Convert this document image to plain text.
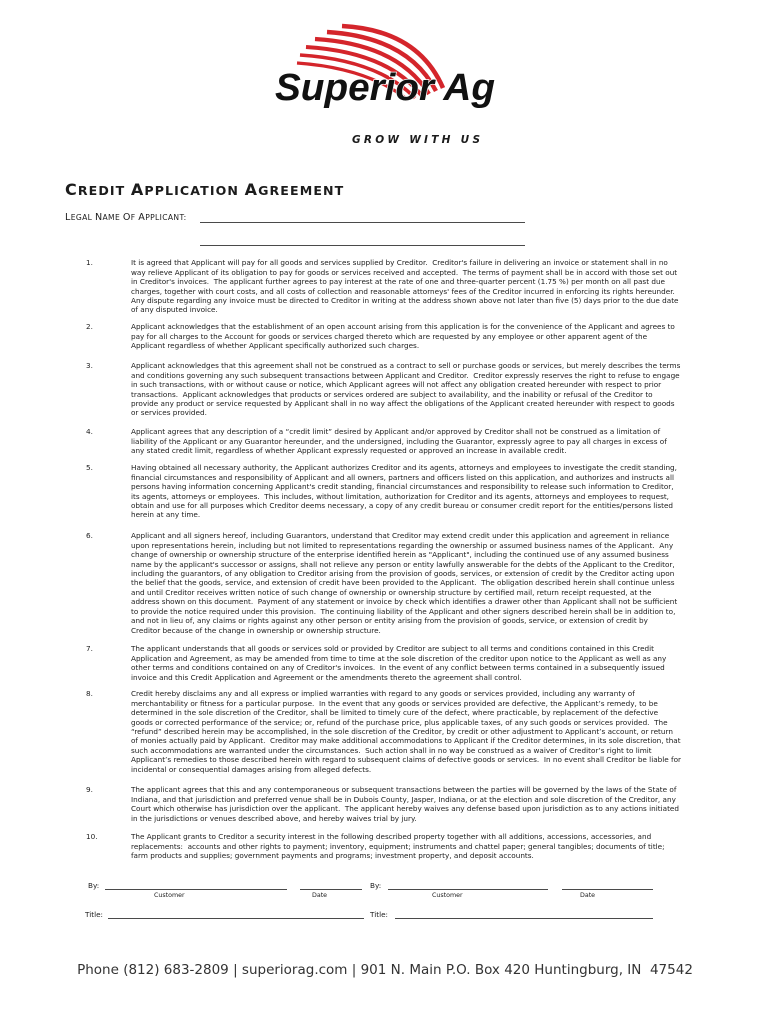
Superior Ag
GROW WITH US
CREDIT APPLICATION AGREEMENT
LEGAL NAME OF APPLICANT:
1.	It is agreed that Applicant will pay for all goods and services supplied by Creditor.  Creditor's failure in delivering an invoice or statement shall in no
way relieve Applicant of its obligation to pay for goods or services received and accepted.  The terms of payment shall be in accord with those set out
in Creditor's invoices.  The applicant further agrees to pay interest at the rate of one and three-quarter percent (1.75 %) per month on all past due
charges, together with court costs, and all costs of collection and reasonable attorneys' fees of the Creditor incurred in enforcing its rights hereunder.
Any dispute regarding any invoice must be directed to Creditor in writing at the address shown above not later than five (5) days prior to the due date
of any disputed invoice.
2.	Applicant acknowledges that the establishment of an open account arising from this application is for the convenience of the Applicant and agrees to
pay for all charges to the Account for goods or services charged thereto which are requested by any employee or other apparent agent of the
Applicant regardless of whether Applicant specifically authorized such charges.
3.	Applicant acknowledges that this agreement shall not be construed as a contract to sell or purchase goods or services, but merely describes the terms
and conditions governing any such subsequent transactions between Applicant and Creditor.  Creditor expressly reserves the right to refuse to engage
in such transactions, with or without cause or notice, which Applicant agrees will not affect any obligation created hereunder with respect to prior
transactions.  Applicant acknowledges that products or services ordered are subject to availability, and the inability or refusal of the Creditor to
provide any product or service requested by Applicant shall in no way affect the obligations of the Applicant created hereunder with respect to goods
or services provided.
4.	Applicant agrees that any description of a “credit limit” desired by Applicant and/or approved by Creditor shall not be construed as a limitation of
liability of the Applicant or any Guarantor hereunder, and the undersigned, including the Guarantor, expressly agree to pay all charges in excess of
any stated credit limit, regardless of whether Applicant expressly requested or approved an increase in available credit.
5.	Having obtained all necessary authority, the Applicant authorizes Creditor and its agents, attorneys and employees to investigate the credit standing,
financial circumstances and responsibility of Applicant and all owners, partners and officers listed on this application, and authorizes and instructs all
persons having information concerning Applicant's credit standing, financial circumstances and responsibility to release such information to Creditor,
its agents, attorneys or employees.  This includes, without limitation, authorization for Creditor and its agents, attorneys and employees to request,
obtain and use for all purposes which Creditor deems necessary, a copy of any credit bureau or consumer credit report for the entities/persons listed
herein at any time.
6.	Applicant and all signers hereof, including Guarantors, understand that Creditor may extend credit under this application and agreement in reliance
upon representations herein, including but not limited to representations regarding the ownership or assumed business names of the Applicant.  Any
change of ownership or ownership structure of the enterprise identified herein as "Applicant", including the continued use of any assumed business
name by the applicant's successor or assigns, shall not relieve any person or entity lawfully answerable for the debts of the Applicant to the Creditor,
including the guarantors, of any obligation to Creditor arising from the provision of goods, services, or extension of credit by the Creditor acting upon
the belief that the goods, service, and extension of credit have been provided to the Applicant.  The obligation described herein shall continue unless
and until Creditor receives written notice of such change of ownership or ownership structure by certified mail, return receipt requested, at the
address shown on this document.  Payment of any statement or invoice by check which identifies a drawer other than Applicant shall not be sufficient
to provide the notice required under this provision.  The continuing liability of the Applicant and other signers described herein shall be in addition to,
and not in lieu of, any claims or rights against any other person or entity arising from the provision of goods, service, or extension of credit by
Creditor because of the change in ownership or ownership structure.
7.	The applicant understands that all goods or services sold or provided by Creditor are subject to all terms and conditions contained in this Credit
Application and Agreement, as may be amended from time to time at the sole discretion of the creditor upon notice to the Applicant as well as any
other terms and conditions contained on any of Creditor's invoices.  In the event of any conflict between terms contained in a subsequently issued
invoice and this Credit Application and Agreement or the amendments thereto the agreement shall control.
8.	Credit hereby disclaims any and all express or implied warranties with regard to any goods or services provided, including any warranty of
merchantability or fitness for a particular purpose.  In the event that any goods or services provided are defective, the Applicant’s remedy, to be
determined in the sole discretion of the Creditor, shall be limited to timely cure of the defect, where practicable, by replacement of the defective
goods or corrected performance of the service; or, refund of the purchase price, plus applicable taxes, of any such goods or services provided.  The
“refund” described herein may be accomplished, in the sole discretion of the Creditor, by credit or other adjustment to Applicant’s account, or return
of monies actually paid by Applicant.  Creditor may make additional accommodations to Applicant if the Creditor determines, in its sole discretion, that
such accommodations are warranted under the circumstances.  Such action shall in no way be construed as a waiver of Creditor’s right to limit
Applicant’s remedies to those described herein with regard to subsequent claims of defective goods or services.  In no event shall Creditor be liable for
incidental or consequential damages arising from alleged defects.
9.	The applicant agrees that this and any contemporaneous or subsequent transactions between the parties will be governed by the laws of the State of
Indiana, and that jurisdiction and preferred venue shall be in Dubois County, Jasper, Indiana, or at the election and sole discretion of the Creditor, any
Court which otherwise has jurisdiction over the applicant.  The applicant hereby waives any defense based upon jurisdiction as to any actions initiated
in the jurisdictions or venues described above, and hereby waives trial by jury.
10.	The Applicant grants to Creditor a security interest in the following described property together with all additions, accessions, accessories, and
replacements:  accounts and other rights to payment; inventory, equipment; instruments and chattel paper; general tangibles; documents of title;
farm products and supplies; government payments and programs; investment property, and deposit accounts.
By:
Customer	Date
By:
Customer	Date
Title:	Title:
Phone (812) 683-2809 | superiorag.com | 901 N. Main P.O. Box 420 Huntingburg, IN  47542
